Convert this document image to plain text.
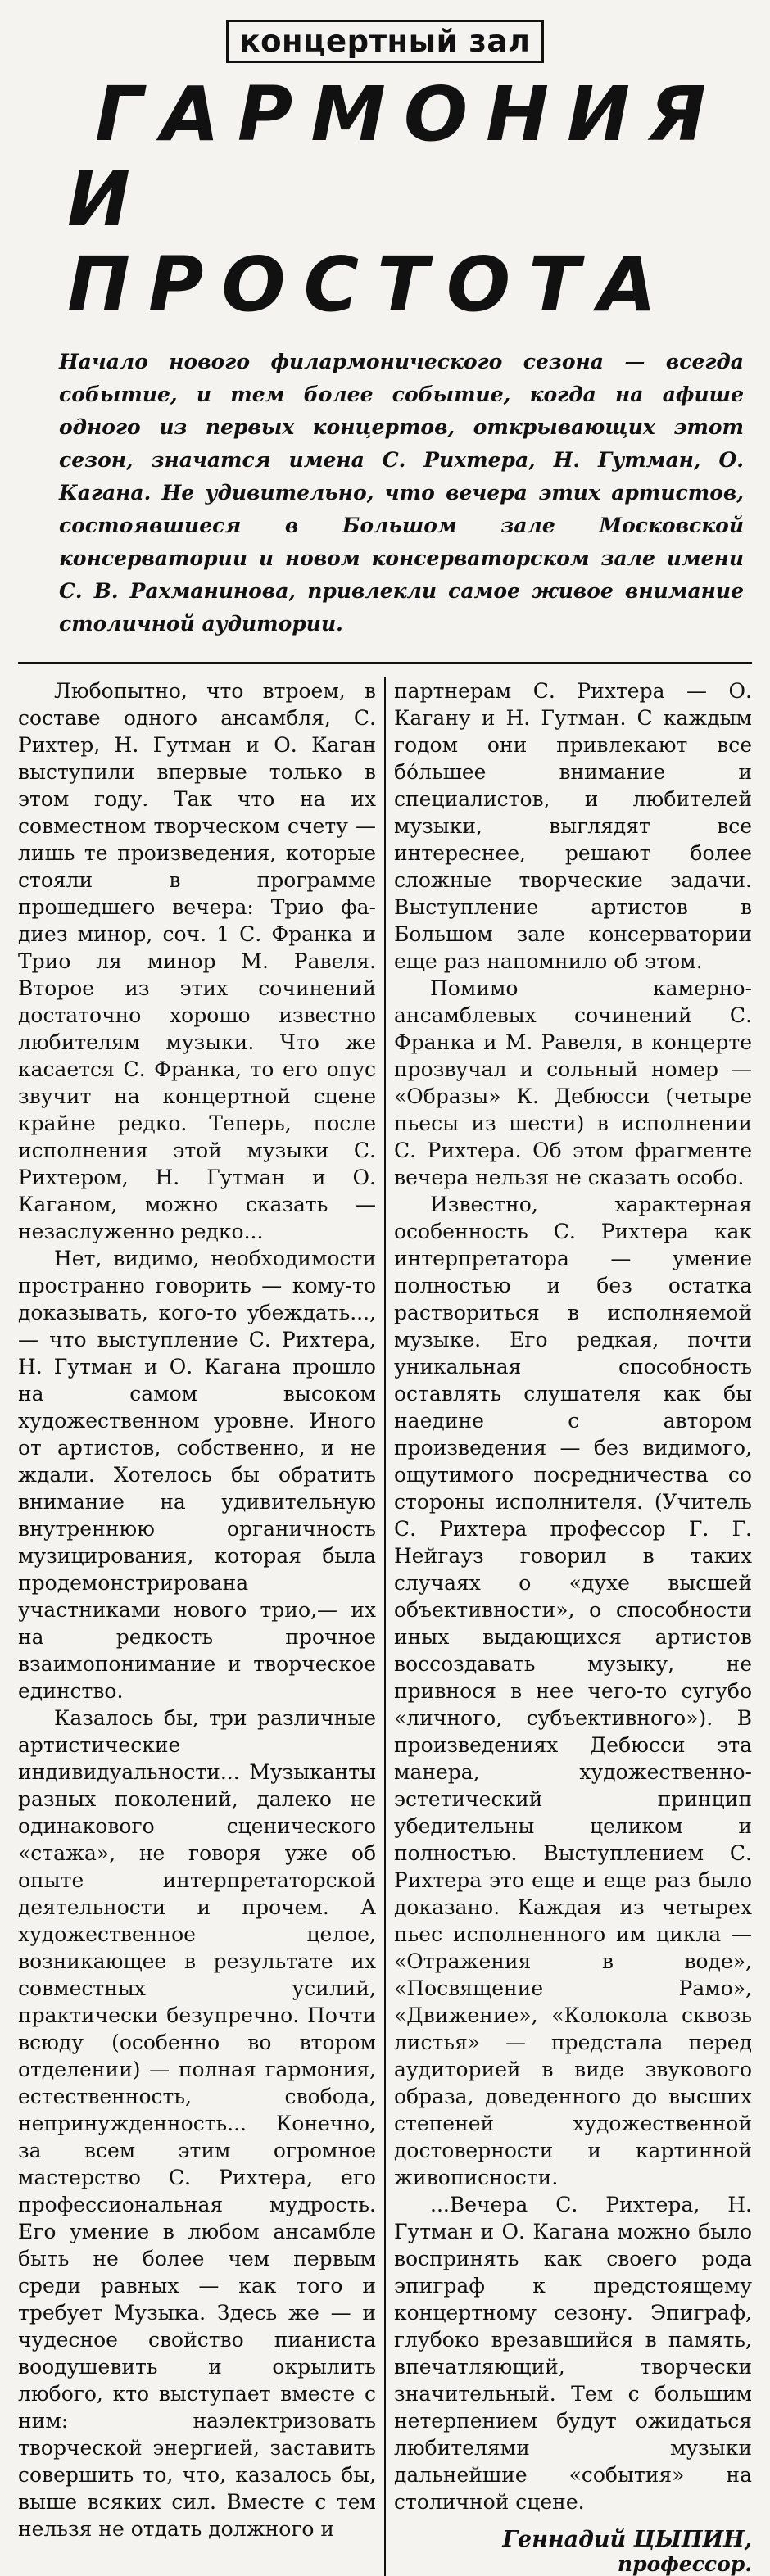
концертный зал
ГАРМОНИЯ
И ПРОСТОТА

Начало нового филармонического сезона — всегда событие, и тем более событие, когда на афише одного из первых концертов, открывающих этот сезон, значатся имена С. Рихтера, Н. Гутман, О. Кагана. Не удивительно, что вечера этих артистов, состоявшиеся в Большом зале Московской консерватории и новом консерваторском зале имени С. В. Рахманинова, привлекли самое живое внимание столичной аудитории.

Любопытно, что втроем, в составе одного ансамбля, С. Рихтер, Н. Гутман и О. Каган выступили впервые только в этом году. Так что на их совместном творческом счету — лишь те произведения, которые стояли в программе прошедшего вечера: Трио фа-диез минор, соч. 1 С. Франка и Трио ля минор М. Равеля. Второе из этих сочинений достаточно хорошо известно любителям музыки. Что же касается С. Франка, то его опус звучит на концертной сцене крайне редко. Теперь, после исполнения этой музыки С. Рихтером, Н. Гутман и О. Каганом, можно сказать — незаслуженно редко...

Нет, видимо, необходимости пространно говорить — кому-то доказывать, кого-то убеждать..., — что выступление С. Рихтера, Н. Гутман и О. Кагана прошло на самом высоком художественном уровне. Иного от артистов, собственно, и не ждали. Хотелось бы обратить внимание на удивительную внутреннюю органичность музицирования, которая была продемонстрирована участниками нового трио,— их на редкость прочное взаимопонимание и творческое единство.

Казалось бы, три различные артистические индивидуальности... Музыканты разных поколений, далеко не одинакового сценического «стажа», не говоря уже об опыте интерпретаторской деятельности и прочем. А художественное целое, возникающее в результате их совместных усилий, практически безупречно. Почти всюду (особенно во втором отделении) — полная гармония, естественность, свобода, непринужденность... Конечно, за всем этим огромное мастерство С. Рихтера, его профессиональная мудрость. Его умение в любом ансамбле быть не более чем первым среди равных — как того и требует Музыка. Здесь же — и чудесное свойство пианиста воодушевить и окрылить любого, кто выступает вместе с ним: наэлектризовать творческой энергией, заставить совершить то, что, казалось бы, выше всяких сил. Вместе с тем нельзя не отдать должного и

партнерам С. Рихтера — О. Кагану и Н. Гутман. С каждым годом они привлекают все бо́льшее внимание и специалистов, и любителей музыки, выглядят все интереснее, решают более сложные творческие задачи. Выступление артистов в Большом зале консерватории еще раз напомнило об этом.

Помимо камерно-ансамблевых сочинений С. Франка и М. Равеля, в концерте прозвучал и сольный номер — «Образы» К. Дебюсси (четыре пьесы из шести) в исполнении С. Рихтера. Об этом фрагменте вечера нельзя не сказать особо.

Известно, характерная особенность С. Рихтера как интерпретатора — умение полностью и без остатка раствориться в исполняемой музыке. Его редкая, почти уникальная способность оставлять слушателя как бы наедине с автором произведения — без видимого, ощутимого посредничества со стороны исполнителя. (Учитель С. Рихтера профессор Г. Г. Нейгауз говорил в таких случаях о «духе высшей объективности», о способности иных выдающихся артистов воссоздавать музыку, не привнося в нее чего-то сугубо «личного, субъективного»). В произведениях Дебюсси эта манера, художественно-эстетический принцип убедительны целиком и полностью. Выступлением С. Рихтера это еще и еще раз было доказано. Каждая из четырех пьес исполненного им цикла — «Отражения в воде», «Посвящение Рамо», «Движение», «Колокола сквозь листья» — предстала перед аудиторией в виде звукового образа, доведенного до высших степеней художественной достоверности и картинной живописности.

...Вечера С. Рихтера, Н. Гутман и О. Кагана можно было воспринять как своего рода эпиграф к предстоящему концертному сезону. Эпиграф, глубоко врезавшийся в память, впечатляющий, творчески значительный. Тем с большим нетерпением будут ожидаться любителями музыки дальнейшие «события» на столичной сцене.

Геннадий ЦЫПИН,
профессор.
